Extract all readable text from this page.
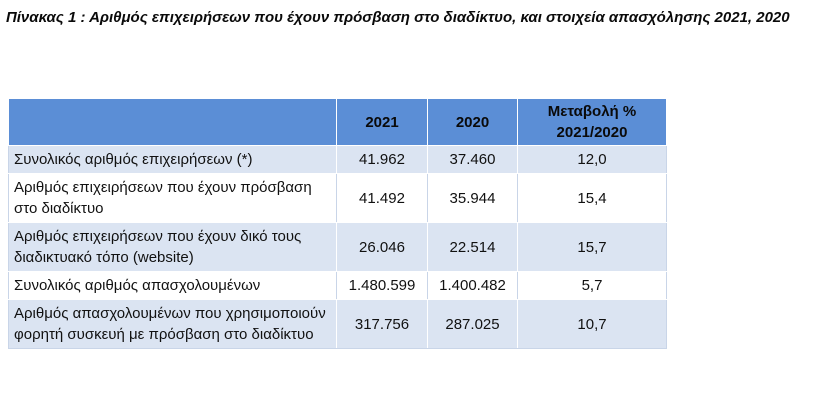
Πίνακας 1 : Αριθμός επιχειρήσεων που έχουν πρόσβαση στο διαδίκτυο, και στοιχεία απασχόλησης 2021, 2020

	2021	2020	Μεταβολή % 2021/2020
Συνολικός αριθμός επιχειρήσεων (*)	41.962	37.460	12,0
Αριθμός επιχειρήσεων που έχουν πρόσβαση στο διαδίκτυο	41.492	35.944	15,4
Αριθμός επιχειρήσεων που έχουν δικό τους διαδικτυακό τόπο (website)	26.046	22.514	15,7
Συνολικός αριθμός απασχολουμένων	1.480.599	1.400.482	5,7
Αριθμός απασχολουμένων που χρησιμοποιούν φορητή συσκευή με πρόσβαση στο διαδίκτυο	317.756	287.025	10,7
